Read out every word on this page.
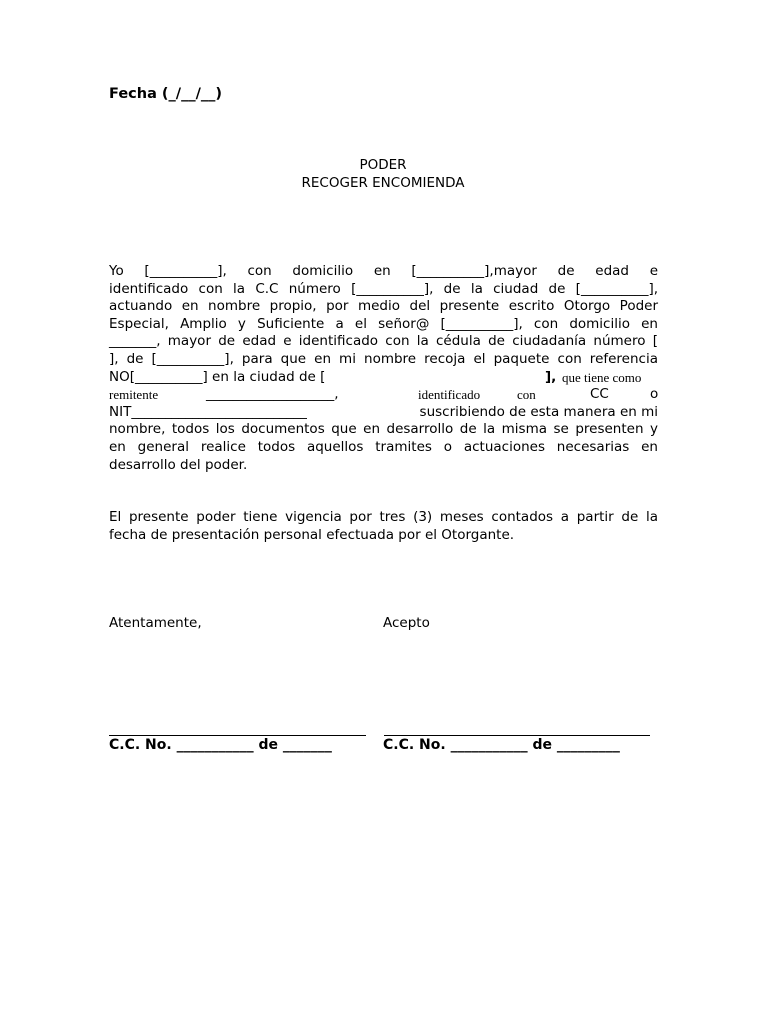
Fecha (_/__/__)
PODER
RECOGER ENCOMIENDA
Yo [__________], con domicilio en [__________],mayor de edad e
identificado con la C.C número [__________], de la ciudad de [__________],
actuando en nombre propio, por medio del presente escrito Otorgo Poder
Especial, Amplio y Suficiente a el señor@ [__________], con domicilio en
_______, mayor de edad e identificado con la cédula de ciudadanía número [
], de [__________], para que en mi nombre recoja el paquete con referencia
NO[__________] en la ciudad de [	], que tiene como
remitente	___________________,	identificado	con	CC	o
NIT__________________________	suscribiendo de esta manera en mi
nombre, todos los documentos que en desarrollo de la misma se presenten y
en general realice todos aquellos tramites o actuaciones necesarias en
desarrollo del poder.
El presente poder tiene vigencia por tres (3) meses contados a partir de la
fecha de presentación personal efectuada por el Otorgante.
Atentamente,	Acepto
C.C. No. ___________ de _______	C.C. No. ___________ de _________
